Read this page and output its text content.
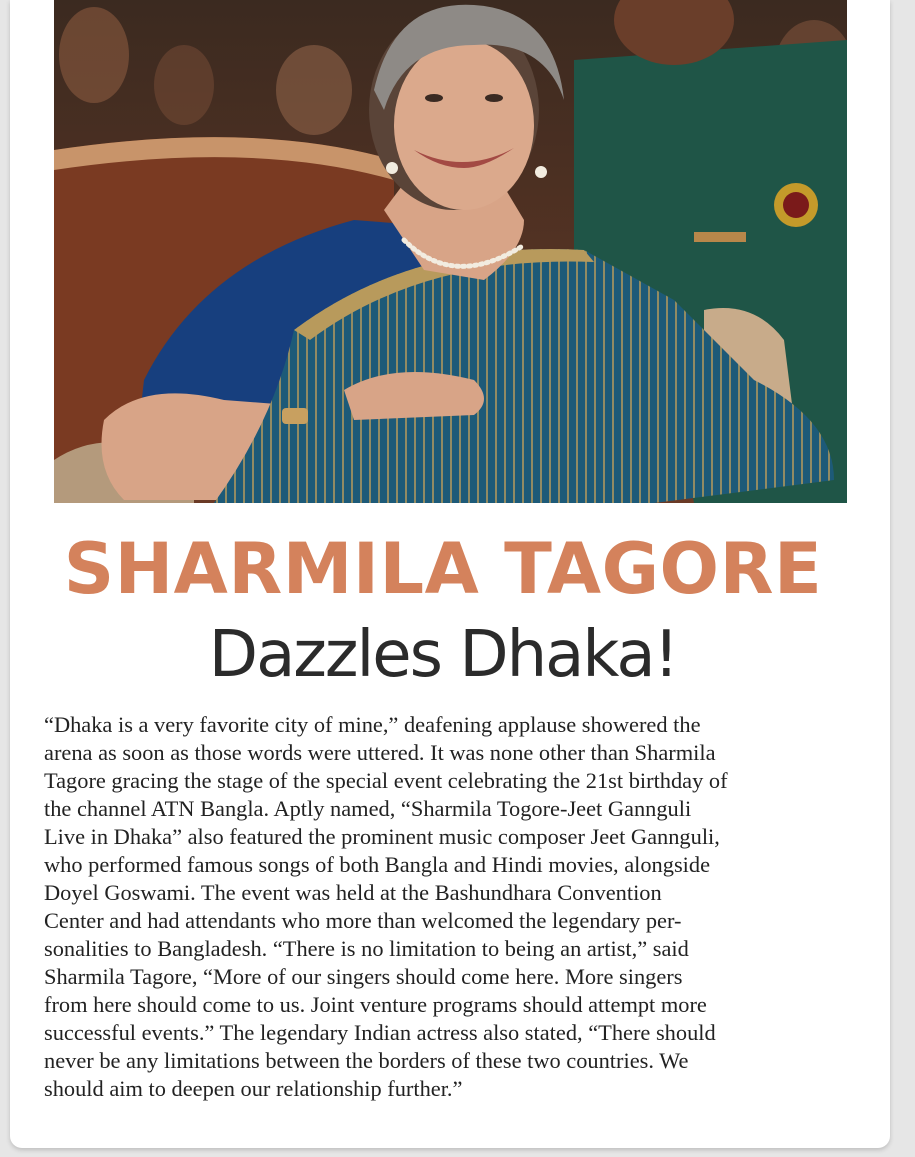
SHARMILA TAGORE
Dazzles Dhaka!
“Dhaka is a very favorite city of mine,” deafening applause showered the
arena as soon as those words were uttered. It was none other than Sharmila
Tagore gracing the stage of the special event celebrating the 21st birthday of
the channel ATN Bangla. Aptly named, “Sharmila Togore-Jeet Gannguli
Live in Dhaka” also featured the prominent music composer Jeet Gannguli,
who performed famous songs of both Bangla and Hindi movies, alongside
Doyel Goswami. The event was held at the Bashundhara Convention
Center and had attendants who more than welcomed the legendary per-
sonalities to Bangladesh. “There is no limitation to being an artist,” said
Sharmila Tagore, “More of our singers should come here. More singers
from here should come to us. Joint venture programs should attempt more
successful events.” The legendary Indian actress also stated, “There should
never be any limitations between the borders of these two countries. We
should aim to deepen our relationship further.”
